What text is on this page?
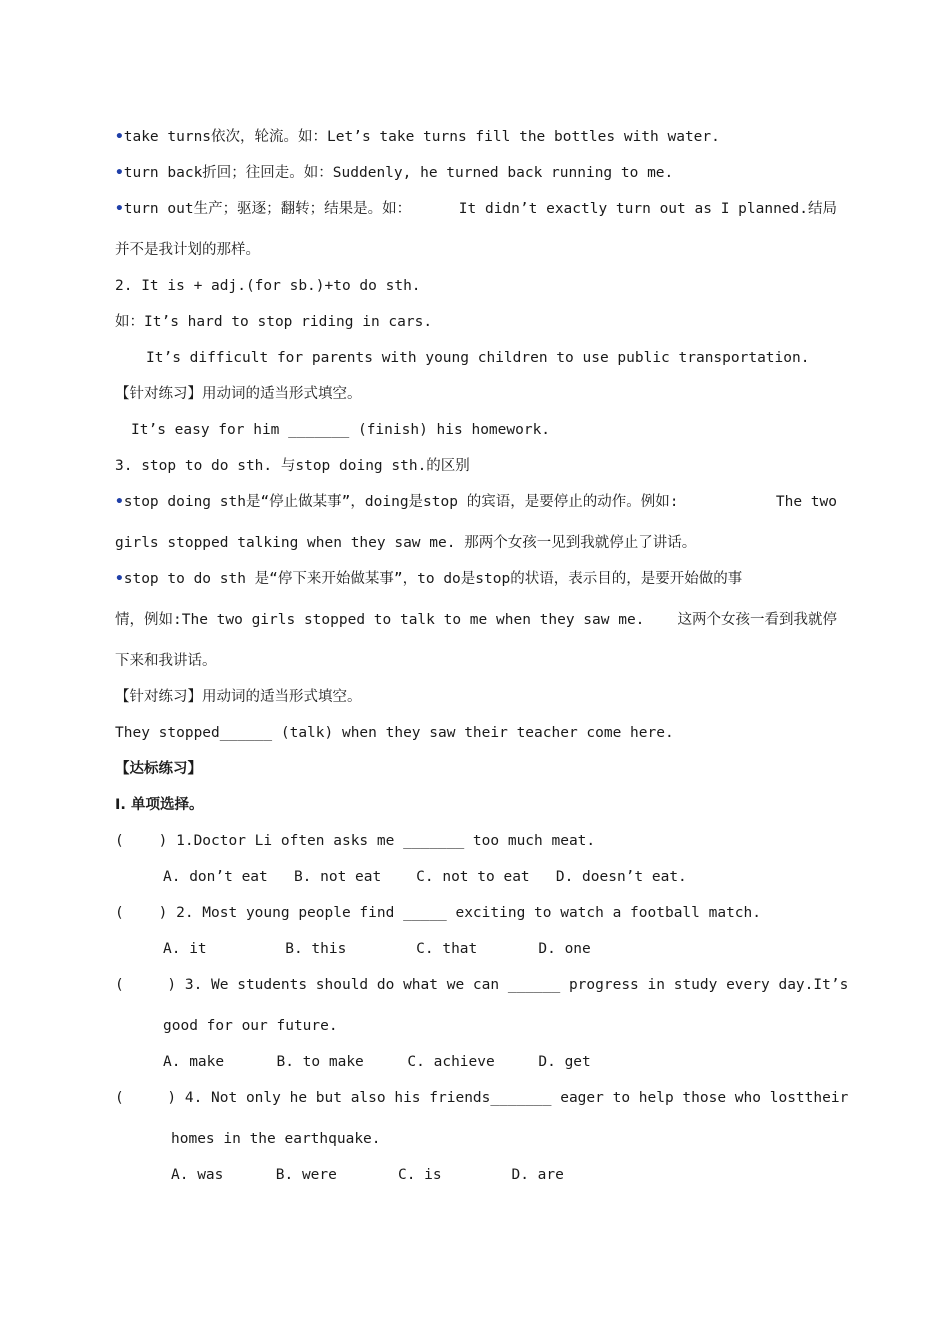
•take turns依次，轮流。如：Let’s take turns fill the bottles with water.
•turn back折回；往回走。如：Suddenly, he turned back running to me.
•turn out生产；驱逐；翻转；结果是。如：	It didn’t exactly turn out as I planned.结局
并不是我计划的那样。
2. It is + adj.(for sb.)+to do sth.
如：It’s hard to stop riding in cars.
It’s difficult for parents with young children to use public transportation.
【针对练习】用动词的适当形式填空。
It’s easy for him _______ (finish) his homework.
3. stop to do sth. 与stop doing sth.的区别
•stop doing sth是“停止做某事”，doing是stop 的宾语，是要停止的动作。例如:	The two
girls stopped talking when they saw me. 那两个女孩一见到我就停止了讲话。
•stop to do sth 是“停下来开始做某事”，to do是stop的状语，表示目的，是要开始做的事
情，例如:The two girls stopped to talk to me when they saw me. 这两个女孩一看到我就停
下来和我讲话。
【针对练习】用动词的适当形式填空。
They stopped______ (talk) when they saw their teacher come here.
【达标练习】
I. 单项选择。
(    ) 1.Doctor Li often asks me _______ too much meat.
A. don’t eat   B. not eat    C. not to eat   D. doesn’t eat.
(    ) 2. Most young people find _____ exciting to watch a football match.
A. it         B. this        C. that       D. one
(     ) 3. We students should do what we can ______ progress in study every day. It’s
good for our future.
A. make      B. to make     C. achieve     D. get
(     ) 4. Not only he but also his friends_______ eager to help those who lost their
homes in the earthquake.
A. was      B. were       C. is        D. are
